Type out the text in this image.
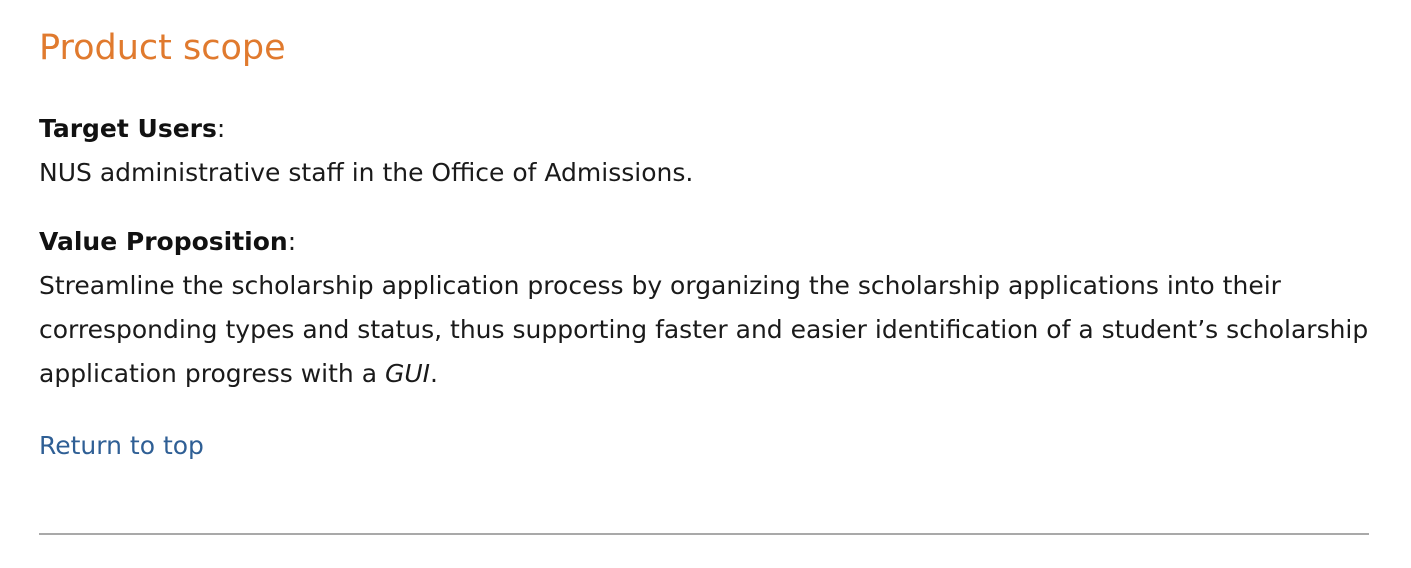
Product scope

Target Users:
NUS administrative staff in the Office of Admissions.

Value Proposition:
Streamline the scholarship application process by organizing the scholarship applications into their corresponding types and status, thus supporting faster and easier identification of a student’s scholarship application progress with a GUI.

Return to top
